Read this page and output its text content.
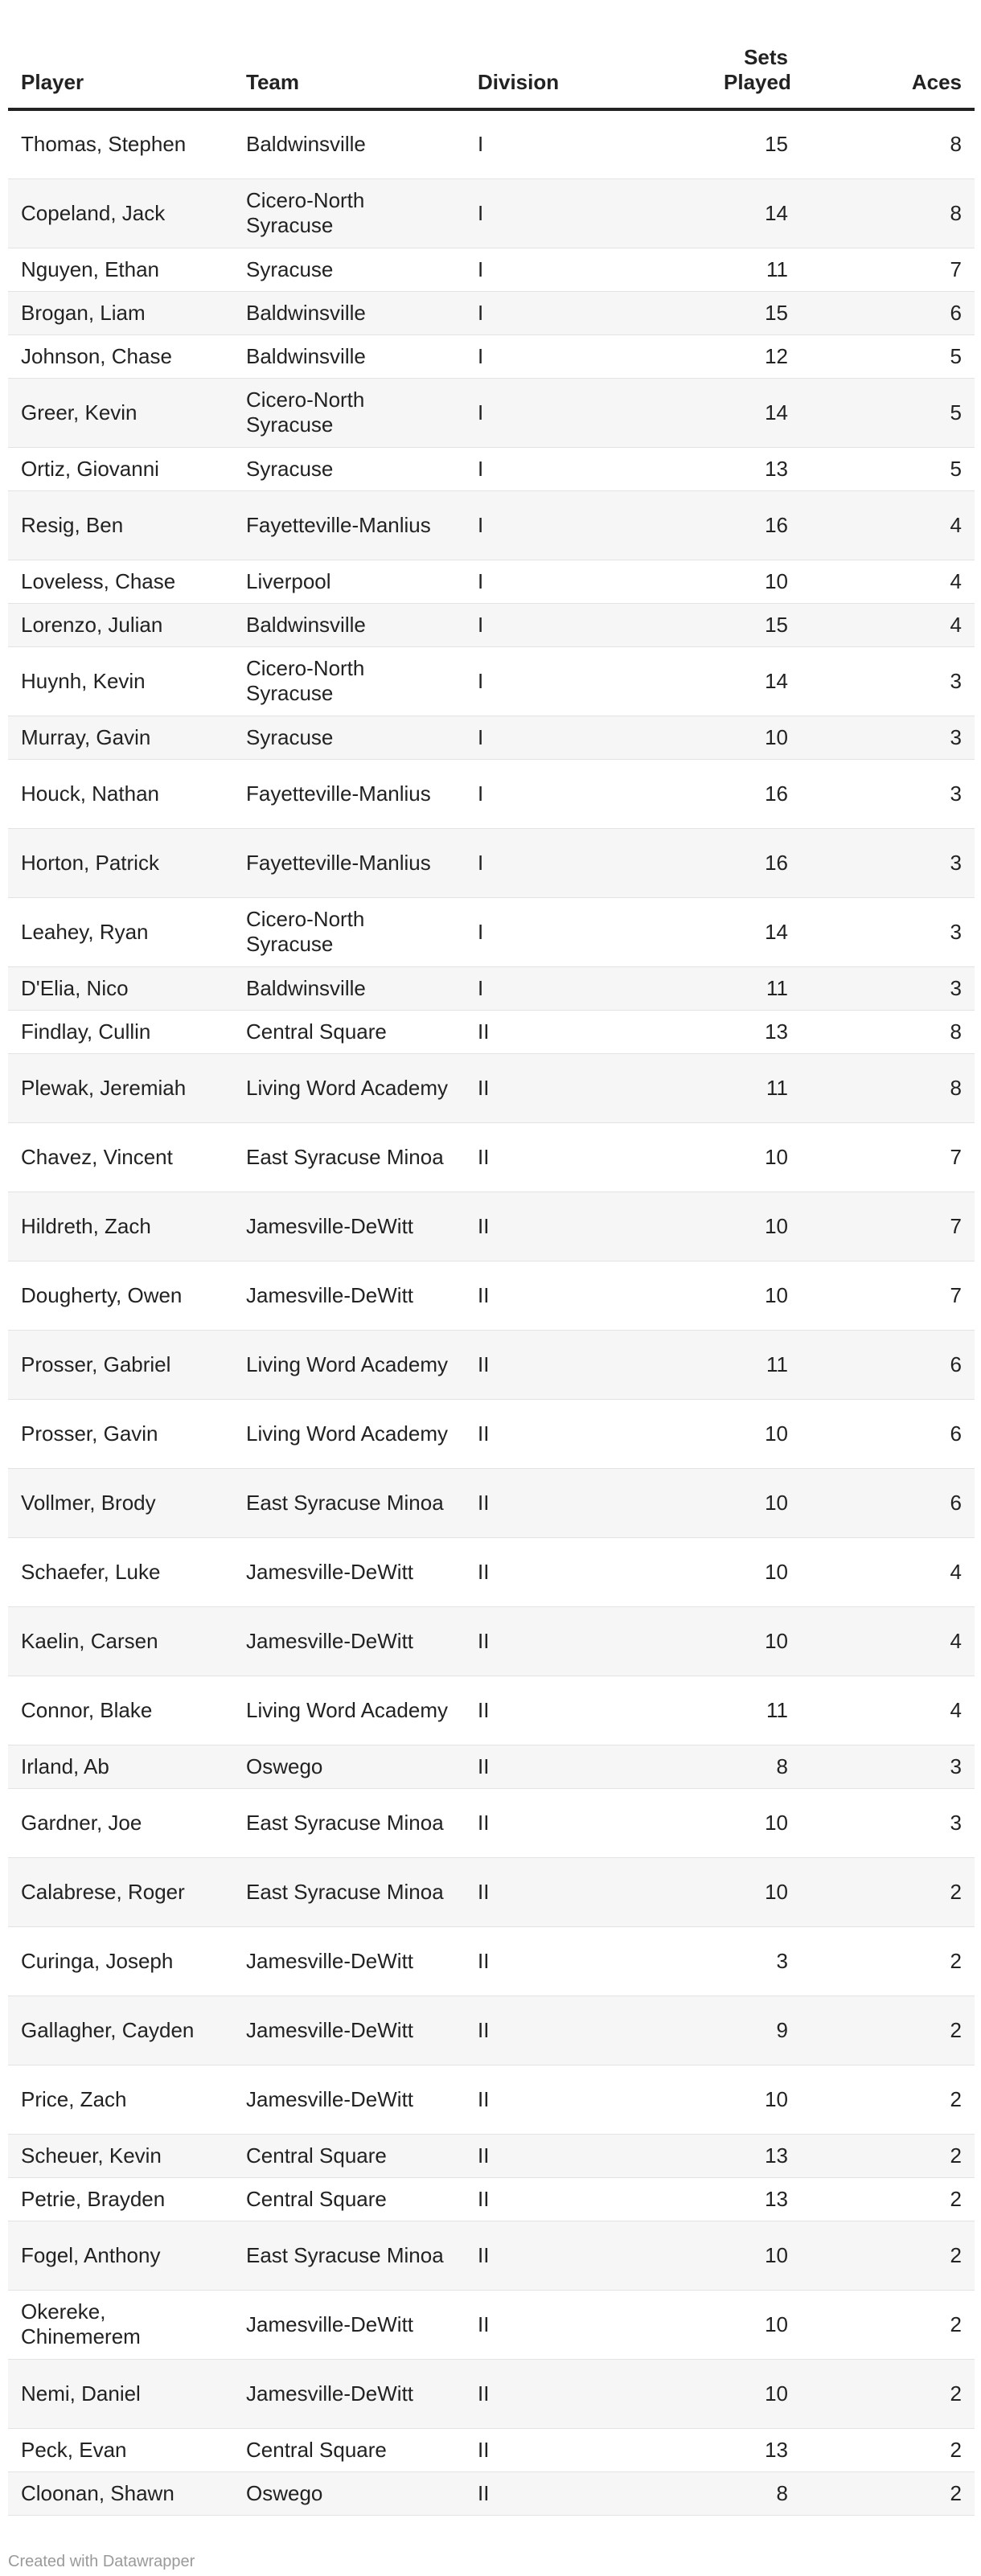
Player	Team	Division	Sets Played	Aces
Thomas, Stephen	Baldwinsville	I	15	8
Copeland, Jack	Cicero-North Syracuse	I	14	8
Nguyen, Ethan	Syracuse	I	11	7
Brogan, Liam	Baldwinsville	I	15	6
Johnson, Chase	Baldwinsville	I	12	5
Greer, Kevin	Cicero-North Syracuse	I	14	5
Ortiz, Giovanni	Syracuse	I	13	5
Resig, Ben	Fayetteville-Manlius	I	16	4
Loveless, Chase	Liverpool	I	10	4
Lorenzo, Julian	Baldwinsville	I	15	4
Huynh, Kevin	Cicero-North Syracuse	I	14	3
Murray, Gavin	Syracuse	I	10	3
Houck, Nathan	Fayetteville-Manlius	I	16	3
Horton, Patrick	Fayetteville-Manlius	I	16	3
Leahey, Ryan	Cicero-North Syracuse	I	14	3
D'Elia, Nico	Baldwinsville	I	11	3
Findlay, Cullin	Central Square	II	13	8
Plewak, Jeremiah	Living Word Academy	II	11	8
Chavez, Vincent	East Syracuse Minoa	II	10	7
Hildreth, Zach	Jamesville-DeWitt	II	10	7
Dougherty, Owen	Jamesville-DeWitt	II	10	7
Prosser, Gabriel	Living Word Academy	II	11	6
Prosser, Gavin	Living Word Academy	II	10	6
Vollmer, Brody	East Syracuse Minoa	II	10	6
Schaefer, Luke	Jamesville-DeWitt	II	10	4
Kaelin, Carsen	Jamesville-DeWitt	II	10	4
Connor, Blake	Living Word Academy	II	11	4
Irland, Ab	Oswego	II	8	3
Gardner, Joe	East Syracuse Minoa	II	10	3
Calabrese, Roger	East Syracuse Minoa	II	10	2
Curinga, Joseph	Jamesville-DeWitt	II	3	2
Gallagher, Cayden	Jamesville-DeWitt	II	9	2
Price, Zach	Jamesville-DeWitt	II	10	2
Scheuer, Kevin	Central Square	II	13	2
Petrie, Brayden	Central Square	II	13	2
Fogel, Anthony	East Syracuse Minoa	II	10	2
Okereke, Chinemerem	Jamesville-DeWitt	II	10	2
Nemi, Daniel	Jamesville-DeWitt	II	10	2
Peck, Evan	Central Square	II	13	2
Cloonan, Shawn	Oswego	II	8	2
Created with Datawrapper
